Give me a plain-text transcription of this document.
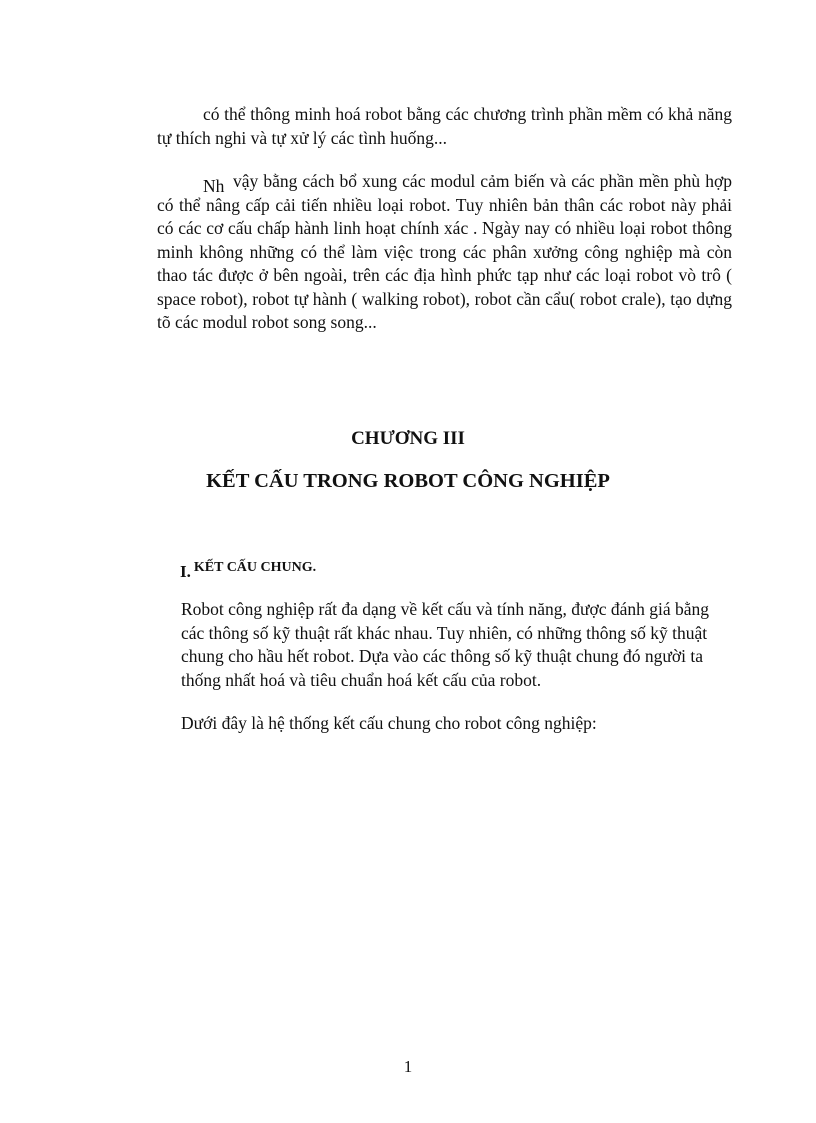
có thể thông minh hoá robot bằng các chương trình phần mềm có khả năng tự thích nghi và tự xử lý các tình huống...

Nh vậy bằng cách bổ xung các modul cảm biến và các phần mền phù hợp có thể nâng cấp cải tiến nhiều loại robot. Tuy nhiên bản thân các robot này phải có các cơ cấu chấp hành linh hoạt chính xác . Ngày nay có nhiều loại robot thông minh không những có thể làm việc trong các phân xưởng công nghiệp mà còn thao tác được ở bên ngoài, trên các địa hình phức tạp như các loại robot vò trô ( space robot), robot tự hành ( walking robot), robot cần cẩu( robot crale), tạo dựng tõ các modul robot song song...

CHƯƠNG III
KẾT CẤU TRONG ROBOT CÔNG NGHIỆP
I. KẾT CẤU CHUNG.

Robot công nghiệp rất đa dạng về kết cấu và tính năng, được đánh giá bằng các thông số kỹ thuật rất khác nhau. Tuy nhiên, có những thông số kỹ thuật chung cho hầu hết robot. Dựa vào các thông số kỹ thuật chung đó người ta thống nhất hoá và tiêu chuẩn hoá kết cấu của robot.

Dưới đây là hệ thống kết cấu chung cho robot công nghiệp:

1
